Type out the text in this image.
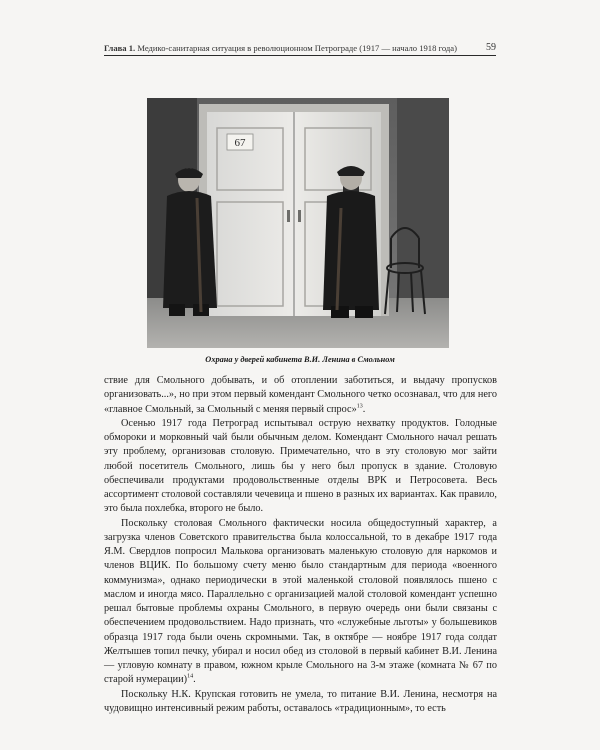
Глава 1. Медико-санитарная ситуация в революционном Петрограде (1917 — начало 1918 года)	59
67
Охрана у дверей кабинета В.И. Ленина в Смольном

ствие для Смольного добывать, и об отоплении заботиться, и выдачу пропусков организовать...», но при этом первый комендант Смольного четко осознавал, что для него «главное Смольный, за Смольный с меняя первый спрос»$^{13}$.

Осенью 1917 года Петроград испытывал острую нехватку продуктов. Голодные обмороки и морковный чай были обычным делом. Комендант Смольного начал решать эту проблему, организовав столовую. Примечательно, что в эту столовую мог зайти любой посетитель Смольного, лишь бы у него был пропуск в здание. Столовую обеспечивали продуктами продовольственные отделы ВРК и Петросовета. Весь ассортимент столовой составляли чечевица и пшено в разных их вариантах. Как правило, это была похлебка, второго не было.

Поскольку столовая Смольного фактически носила общедоступный характер, а загрузка членов Советского правительства была колоссальной, то в декабре 1917 года Я.М. Свердлов попросил Малькова организовать маленькую столовую для наркомов и членов ВЦИК. По большому счету меню было стандартным для периода «военного коммунизма», однако периодически в этой маленькой столовой появлялось пшено с маслом и иногда мясо. Параллельно с организацией малой столовой комендант успешно решал бытовые проблемы охраны Смольного, в первую очередь они были связаны с обеспечением продовольствием. Надо признать, что «служебные льготы» у большевиков образца 1917 года были очень скромными. Так, в октябре — ноябре 1917 года солдат Желтышев топил печку, убирал и носил обед из столовой в первый кабинет В.И. Ленина — угловую комнату в правом, южном крыле Смольного на 3-м этаже (комната № 67 по старой нумерации)$^{14}$.

Поскольку Н.К. Крупская готовить не умела, то питание В.И. Ленина, несмотря на чудовищно интенсивный режим работы, оставалось «традиционным», то есть
